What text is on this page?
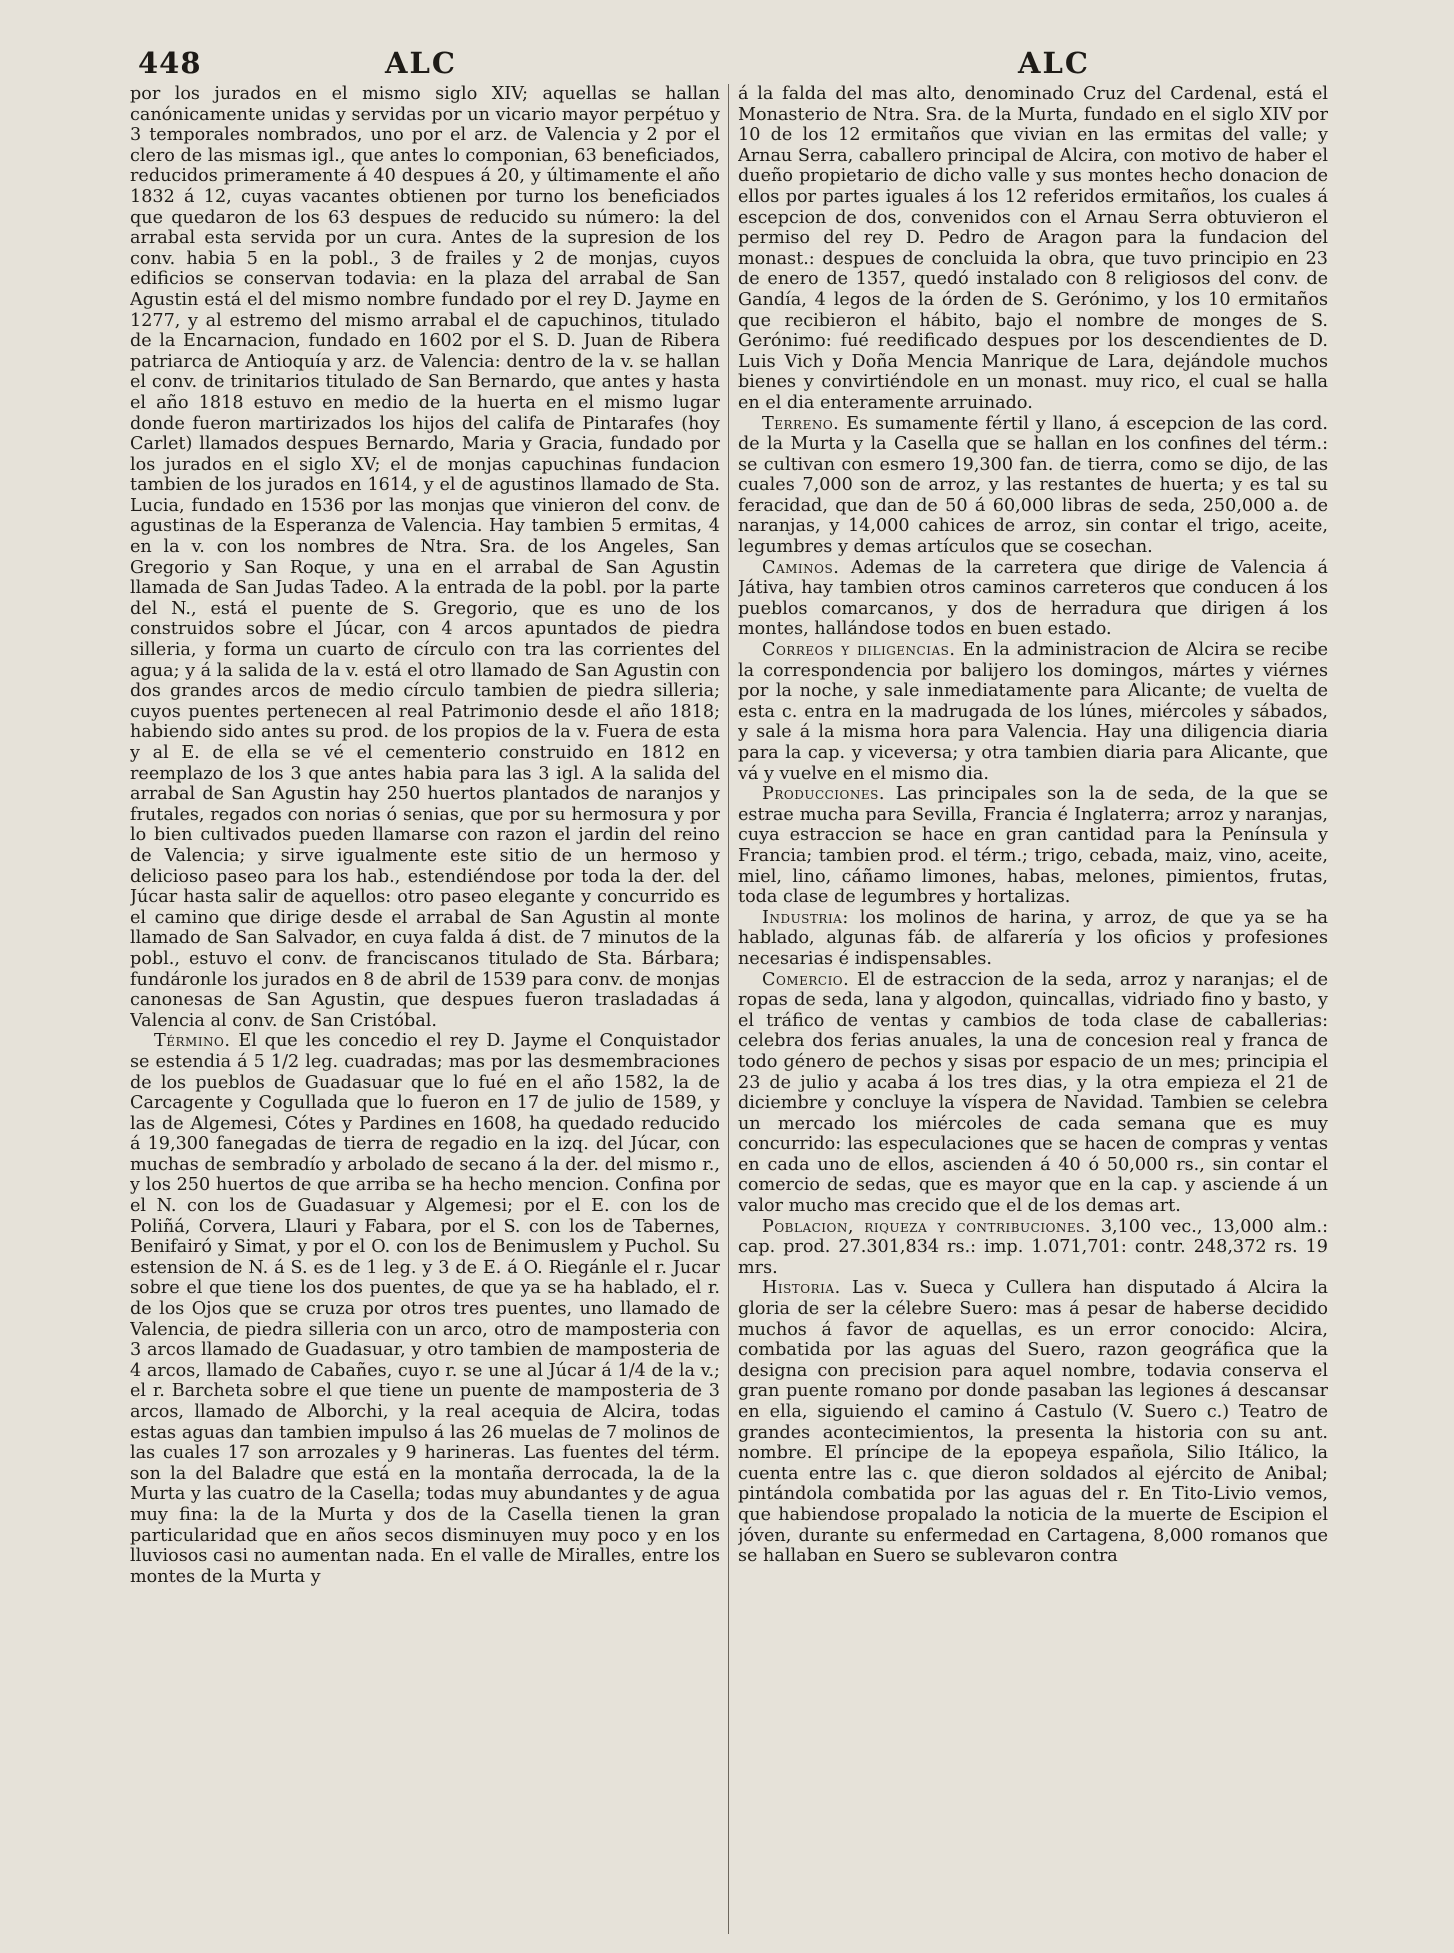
448	ALC	ALC

por los jurados en el mismo siglo XIV; aquellas se hallan canónicamente unidas y servidas por un vicario mayor perpétuo y 3 temporales nombrados, uno por el arz. de Valencia y 2 por el clero de las mismas igl., que antes lo componian, 63 beneficiados, reducidos primeramente á 40 despues á 20, y últimamente el año 1832 á 12, cuyas vacantes obtienen por turno los beneficiados que quedaron de los 63 despues de reducido su número: la del arrabal esta servida por un cura. Antes de la supresion de los conv. habia 5 en la pobl., 3 de frailes y 2 de monjas, cuyos edificios se conservan todavia: en la plaza del arrabal de San Agustin está el del mismo nombre fundado por el rey D. Jayme en 1277, y al estremo del mismo arrabal el de capuchinos, titulado de la Encarnacion, fundado en 1602 por el S. D. Juan de Ribera patriarca de Antioquía y arz. de Valencia: dentro de la v. se hallan el conv. de trinitarios titulado de San Bernardo, que antes y hasta el año 1818 estuvo en medio de la huerta en el mismo lugar donde fueron martirizados los hijos del califa de Pintarafes (hoy Carlet) llamados despues Bernardo, Maria y Gracia, fundado por los jurados en el siglo XV; el de monjas capuchinas fundacion tambien de los jurados en 1614, y el de agustinos llamado de Sta. Lucia, fundado en 1536 por las monjas que vinieron del conv. de agustinas de la Esperanza de Valencia. Hay tambien 5 ermitas, 4 en la v. con los nombres de Ntra. Sra. de los Angeles, San Gregorio y San Roque, y una en el arrabal de San Agustin llamada de San Judas Tadeo. A la entrada de la pobl. por la parte del N., está el puente de S. Gregorio, que es uno de los construidos sobre el Júcar, con 4 arcos apuntados de piedra silleria, y forma un cuarto de círculo con tra las corrientes del agua; y á la salida de la v. está el otro llamado de San Agustin con dos grandes arcos de medio círculo tambien de piedra silleria; cuyos puentes pertenecen al real Patrimonio desde el año 1818; habiendo sido antes su prod. de los propios de la v. Fuera de esta y al E. de ella se vé el cementerio construido en 1812 en reemplazo de los 3 que antes habia para las 3 igl. A la salida del arrabal de San Agustin hay 250 huertos plantados de naranjos y frutales, regados con norias ó senias, que por su hermosura y por lo bien cultivados pueden llamarse con razon el jardin del reino de Valencia; y sirve igualmente este sitio de un hermoso y delicioso paseo para los hab., estendiéndose por toda la der. del Júcar hasta salir de aquellos: otro paseo elegante y concurrido es el camino que dirige desde el arrabal de San Agustin al monte llamado de San Salvador, en cuya falda á dist. de 7 minutos de la pobl., estuvo el conv. de franciscanos titulado de Sta. Bárbara; fundáronle los jurados en 8 de abril de 1539 para conv. de monjas canonesas de San Agustin, que despues fueron trasladadas á Valencia al conv. de San Cristóbal.

Término. El que les concedio el rey D. Jayme el Conquistador se estendia á 5 1/2 leg. cuadradas; mas por las desmembraciones de los pueblos de Guadasuar que lo fué en el año 1582, la de Carcagente y Cogullada que lo fueron en 17 de julio de 1589, y las de Algemesi, Cótes y Pardines en 1608, ha quedado reducido á 19,300 fanegadas de tierra de regadio en la izq. del Júcar, con muchas de sembradío y arbolado de secano á la der. del mismo r., y los 250 huertos de que arriba se ha hecho mencion. Confina por el N. con los de Guadasuar y Algemesi; por el E. con los de Poliñá, Corvera, Llauri y Fabara, por el S. con los de Tabernes, Benifairó y Simat, y por el O. con los de Benimuslem y Puchol. Su estension de N. á S. es de 1 leg. y 3 de E. á O. Riegánle el r. Jucar sobre el que tiene los dos puentes, de que ya se ha hablado, el r. de los Ojos que se cruza por otros tres puentes, uno llamado de Valencia, de piedra silleria con un arco, otro de mamposteria con 3 arcos llamado de Guadasuar, y otro tambien de mamposteria de 4 arcos, llamado de Cabañes, cuyo r. se une al Júcar á 1/4 de la v.; el r. Barcheta sobre el que tiene un puente de mamposteria de 3 arcos, llamado de Alborchi, y la real acequia de Alcira, todas estas aguas dan tambien impulso á las 26 muelas de 7 molinos de las cuales 17 son arrozales y 9 harineras. Las fuentes del térm. son la del Baladre que está en la montaña derrocada, la de la Murta y las cuatro de la Casella; todas muy abundantes y de agua muy fina: la de la Murta y dos de la Casella tienen la gran particularidad que en años secos disminuyen muy poco y en los lluviosos casi no aumentan nada. En el valle de Miralles, entre los montes de la Murta y

á la falda del mas alto, denominado Cruz del Cardenal, está el Monasterio de Ntra. Sra. de la Murta, fundado en el siglo XIV por 10 de los 12 ermitaños que vivian en las ermitas del valle; y Arnau Serra, caballero principal de Alcira, con motivo de haber el dueño propietario de dicho valle y sus montes hecho donacion de ellos por partes iguales á los 12 referidos ermitaños, los cuales á escepcion de dos, convenidos con el Arnau Serra obtuvieron el permiso del rey D. Pedro de Aragon para la fundacion del monast.: despues de concluida la obra, que tuvo principio en 23 de enero de 1357, quedó instalado con 8 religiosos del conv. de Gandía, 4 legos de la órden de S. Gerónimo, y los 10 ermitaños que recibieron el hábito, bajo el nombre de monges de S. Gerónimo: fué reedificado despues por los descendientes de D. Luis Vich y Doña Mencia Manrique de Lara, dejándole muchos bienes y convirtiéndole en un monast. muy rico, el cual se halla en el dia enteramente arruinado.

Terreno. Es sumamente fértil y llano, á escepcion de las cord. de la Murta y la Casella que se hallan en los confines del térm.: se cultivan con esmero 19,300 fan. de tierra, como se dijo, de las cuales 7,000 son de arroz, y las restantes de huerta; y es tal su feracidad, que dan de 50 á 60,000 libras de seda, 250,000 a. de naranjas, y 14,000 cahices de arroz, sin contar el trigo, aceite, legumbres y demas artículos que se cosechan.

Caminos. Ademas de la carretera que dirige de Valencia á Játiva, hay tambien otros caminos carreteros que conducen á los pueblos comarcanos, y dos de herradura que dirigen á los montes, hallándose todos en buen estado.

Correos y diligencias. En la administracion de Alcira se recibe la correspondencia por balijero los domingos, mártes y viérnes por la noche, y sale inmediatamente para Alicante; de vuelta de esta c. entra en la madrugada de los lúnes, miércoles y sábados, y sale á la misma hora para Valencia. Hay una diligencia diaria para la cap. y viceversa; y otra tambien diaria para Alicante, que vá y vuelve en el mismo dia.

Producciones. Las principales son la de seda, de la que se estrae mucha para Sevilla, Francia é Inglaterra; arroz y naranjas, cuya estraccion se hace en gran cantidad para la Península y Francia; tambien prod. el térm.; trigo, cebada, maiz, vino, aceite, miel, lino, cáñamo limones, habas, melones, pimientos, frutas, toda clase de legumbres y hortalizas.

Industria: los molinos de harina, y arroz, de que ya se ha hablado, algunas fáb. de alfarería y los oficios y profesiones necesarias é indispensables.

Comercio. El de estraccion de la seda, arroz y naranjas; el de ropas de seda, lana y algodon, quincallas, vidriado fino y basto, y el tráfico de ventas y cambios de toda clase de caballerias: celebra dos ferias anuales, la una de concesion real y franca de todo género de pechos y sisas por espacio de un mes; principia el 23 de julio y acaba á los tres dias, y la otra empieza el 21 de diciembre y concluye la víspera de Navidad. Tambien se celebra un mercado los miércoles de cada semana que es muy concurrido: las especulaciones que se hacen de compras y ventas en cada uno de ellos, ascienden á 40 ó 50,000 rs., sin contar el comercio de sedas, que es mayor que en la cap. y asciende á un valor mucho mas crecido que el de los demas art.

Poblacion, riqueza y contribuciones. 3,100 vec., 13,000 alm.: cap. prod. 27.301,834 rs.: imp. 1.071,701: contr. 248,372 rs. 19 mrs.

Historia. Las v. Sueca y Cullera han disputado á Alcira la gloria de ser la célebre Suero: mas á pesar de haberse decidido muchos á favor de aquellas, es un error conocido: Alcira, combatida por las aguas del Suero, razon geográfica que la designa con precision para aquel nombre, todavia conserva el gran puente romano por donde pasaban las legiones á descansar en ella, siguiendo el camino á Castulo (V. Suero c.) Teatro de grandes acontecimientos, la presenta la historia con su ant. nombre. El príncipe de la epopeya española, Silio Itálico, la cuenta entre las c. que dieron soldados al ejército de Anibal; pintándola combatida por las aguas del r. En Tito-Livio vemos, que habiendose propalado la noticia de la muerte de Escipion el jóven, durante su enfermedad en Cartagena, 8,000 romanos que se hallaban en Suero se sublevaron contra
